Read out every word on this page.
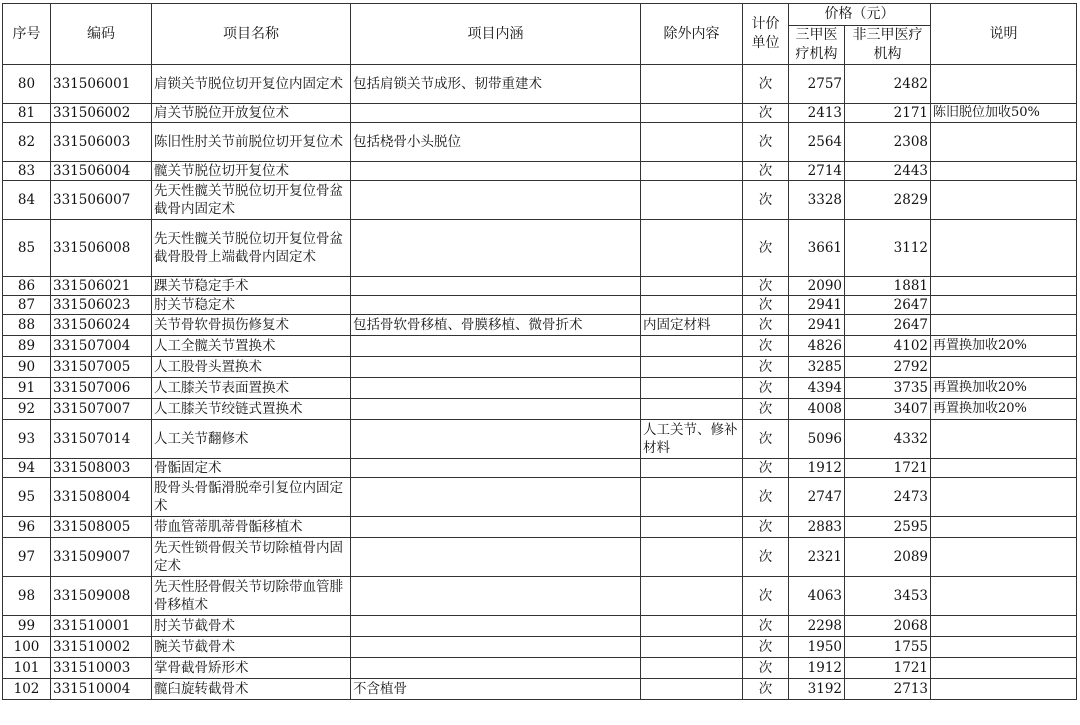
序号	编码	项目名称	项目内涵	除外内容	计价单位	价格（元）		说明
						三甲医疗机构	非三甲医疗机构	
80	331506001	肩锁关节脱位切开复位内固定术	包括肩锁关节成形、韧带重建术		次	2757	2482	
81	331506002	肩关节脱位开放复位术			次	2413	2171	陈旧脱位加收50%
82	331506003	陈旧性肘关节前脱位切开复位术	包括桡骨小头脱位		次	2564	2308	
83	331506004	髋关节脱位切开复位术			次	2714	2443	
84	331506007	先天性髋关节脱位切开复位骨盆截骨内固定术			次	3328	2829	
85	331506008	先天性髋关节脱位切开复位骨盆截骨股骨上端截骨内固定术			次	3661	3112	
86	331506021	踝关节稳定手术			次	2090	1881	
87	331506023	肘关节稳定术			次	2941	2647	
88	331506024	关节骨软骨损伤修复术	包括骨软骨移植、骨膜移植、微骨折术	内固定材料	次	2941	2647	
89	331507004	人工全髋关节置换术			次	4826	4102	再置换加收20%
90	331507005	人工股骨头置换术			次	3285	2792	
91	331507006	人工膝关节表面置换术			次	4394	3735	再置换加收20%
92	331507007	人工膝关节绞链式置换术			次	4008	3407	再置换加收20%
93	331507014	人工关节翻修术		人工关节、修补材料	次	5096	4332	
94	331508003	骨骺固定术			次	1912	1721	
95	331508004	股骨头骨骺滑脱牵引复位内固定术			次	2747	2473	
96	331508005	带血管蒂肌蒂骨骺移植术			次	2883	2595	
97	331509007	先天性锁骨假关节切除植骨内固定术			次	2321	2089	
98	331509008	先天性胫骨假关节切除带血管腓骨移植术			次	4063	3453	
99	331510001	肘关节截骨术			次	2298	2068	
100	331510002	腕关节截骨术			次	1950	1755	
101	331510003	掌骨截骨矫形术			次	1912	1721	
102	331510004	髋臼旋转截骨术	不含植骨		次	3192	2713	
